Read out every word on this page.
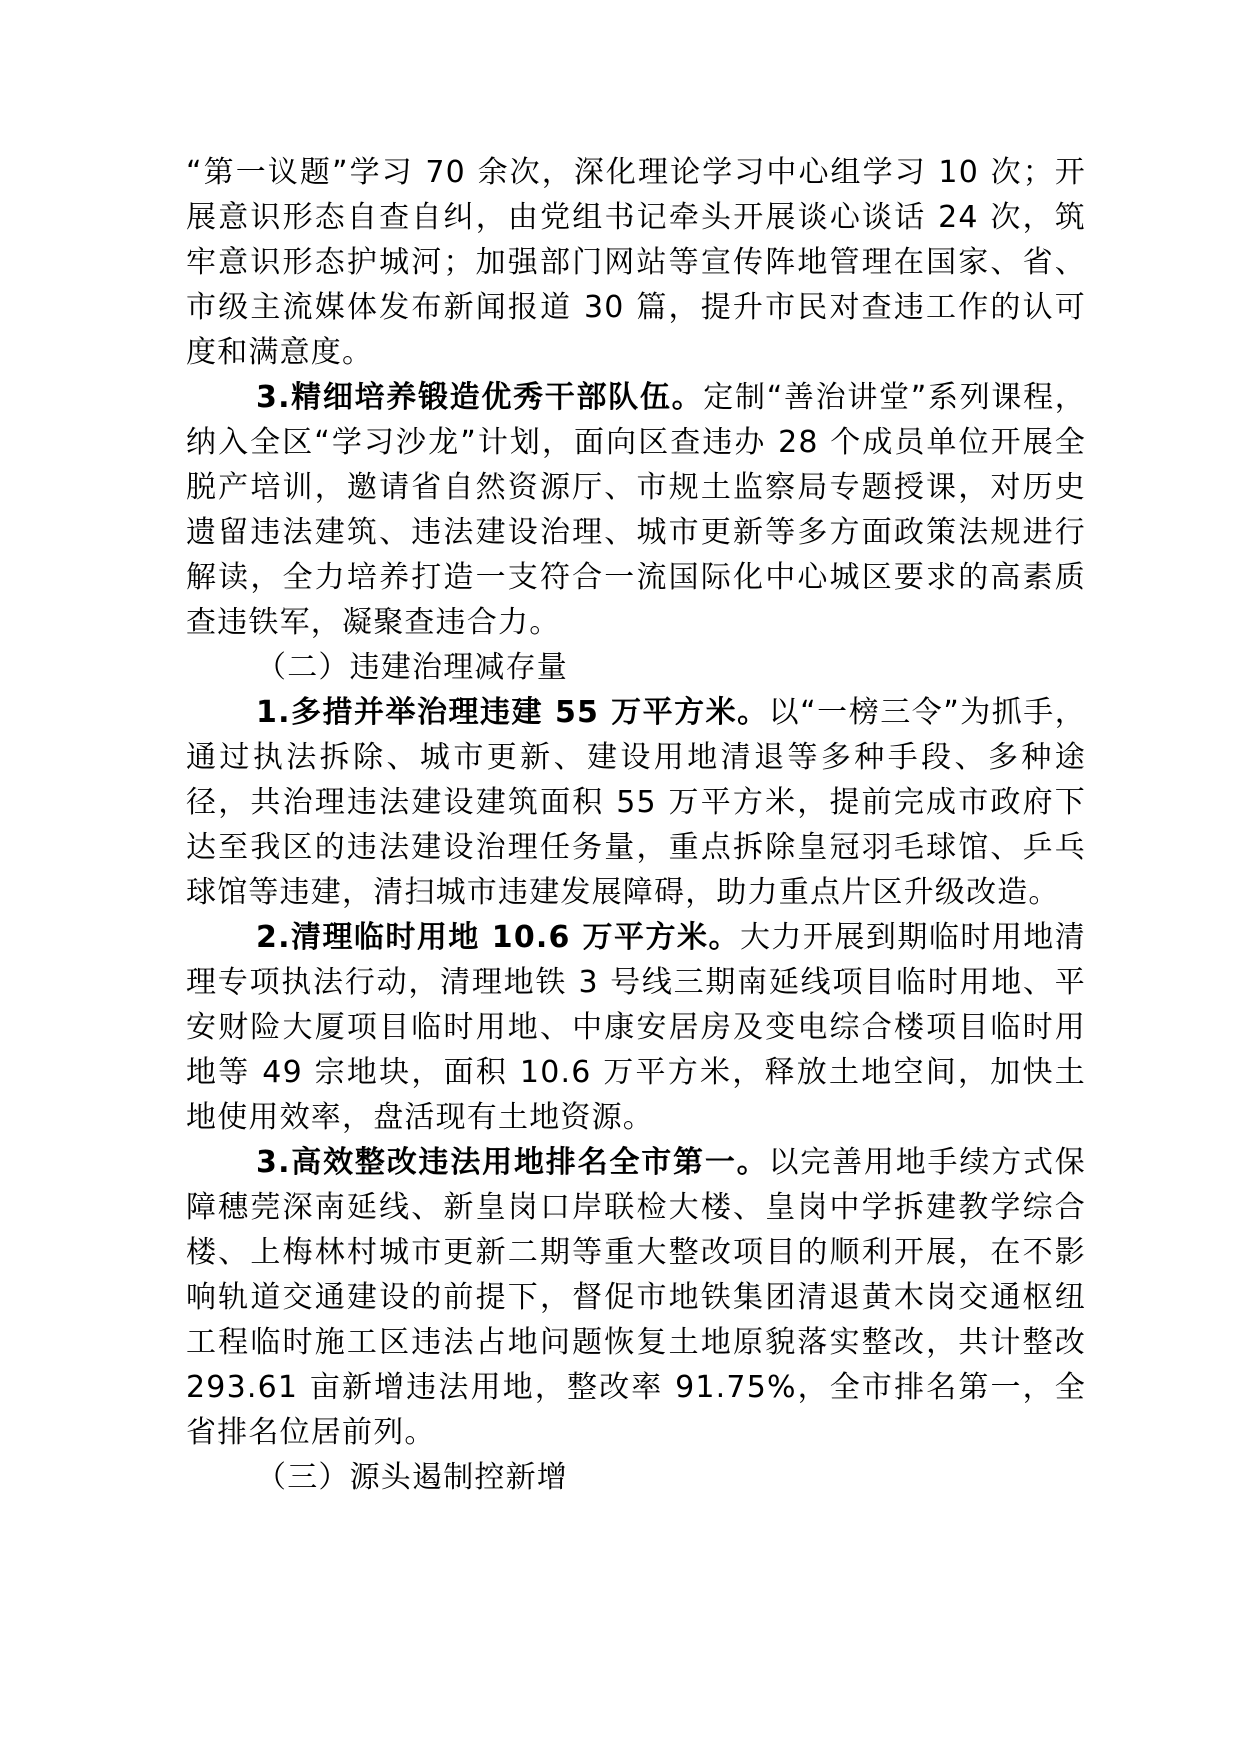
“第一议题”学习 70 余次，深化理论学习中心组学习 10 次；开展意识形态自查自纠，由党组书记牵头开展谈心谈话 24 次，筑牢意识形态护城河；加强部门网站等宣传阵地管理在国家、省、市级主流媒体发布新闻报道 30 篇，提升市民对查违工作的认可度和满意度。

3.精细培养锻造优秀干部队伍。定制“善治讲堂”系列课程，纳入全区“学习沙龙”计划，面向区查违办 28 个成员单位开展全脱产培训，邀请省自然资源厅、市规土监察局专题授课，对历史遗留违法建筑、违法建设治理、城市更新等多方面政策法规进行解读，全力培养打造一支符合一流国际化中心城区要求的高素质查违铁军，凝聚查违合力。

（二）违建治理减存量

1.多措并举治理违建 55 万平方米。以“一榜三令”为抓手，通过执法拆除、城市更新、建设用地清退等多种手段、多种途径，共治理违法建设建筑面积 55 万平方米，提前完成市政府下达至我区的违法建设治理任务量，重点拆除皇冠羽毛球馆、乒乓球馆等违建，清扫城市违建发展障碍，助力重点片区升级改造。

2.清理临时用地 10.6 万平方米。大力开展到期临时用地清理专项执法行动，清理地铁 3 号线三期南延线项目临时用地、平安财险大厦项目临时用地、中康安居房及变电综合楼项目临时用地等 49 宗地块，面积 10.6 万平方米，释放土地空间，加快土地使用效率，盘活现有土地资源。

3.高效整改违法用地排名全市第一。以完善用地手续方式保障穗莞深南延线、新皇岗口岸联检大楼、皇岗中学拆建教学综合楼、上梅林村城市更新二期等重大整改项目的顺利开展，在不影响轨道交通建设的前提下，督促市地铁集团清退黄木岗交通枢纽工程临时施工区违法占地问题恢复土地原貌落实整改，共计整改 293.61 亩新增违法用地，整改率 91.75%，全市排名第一，全省排名位居前列。

（三）源头遏制控新增
